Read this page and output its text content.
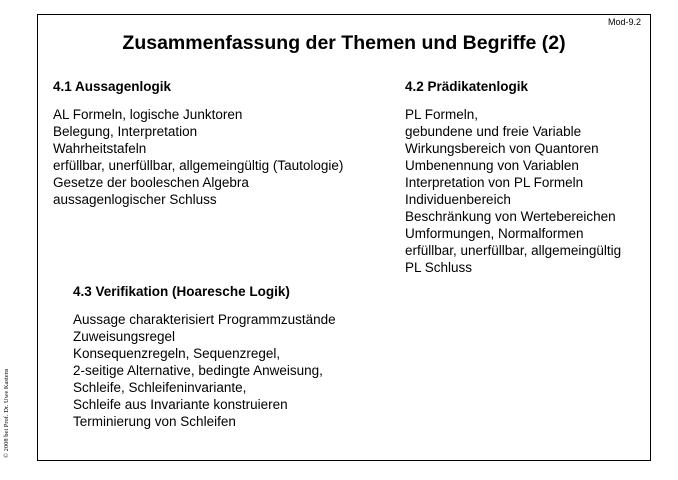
Mod-9.2
Zusammenfassung der Themen und Begriffe (2)
4.1 Aussagenlogik
AL Formeln, logische Junktoren
Belegung, Interpretation
Wahrheitstafeln
erfüllbar, unerfüllbar, allgemeingültig (Tautologie)
Gesetze der booleschen Algebra
aussagenlogischer Schluss
4.2 Prädikatenlogik
PL Formeln,
gebundene und freie Variable
Wirkungsbereich von Quantoren
Umbenennung von Variablen
Interpretation von PL Formeln
Individuenbereich
Beschränkung von Wertebereichen
Umformungen, Normalformen
erfüllbar, unerfüllbar, allgemeingültig
PL Schluss
4.3 Verifikation (Hoaresche Logik)
Aussage charakterisiert Programmzustände
Zuweisungsregel
Konsequenzregeln, Sequenzregel,
2-seitige Alternative, bedingte Anweisung,
Schleife, Schleifeninvariante,
Schleife aus Invariante konstruieren
Terminierung von Schleifen
© 2008 bei Prof. Dr. Uwe Kastens
